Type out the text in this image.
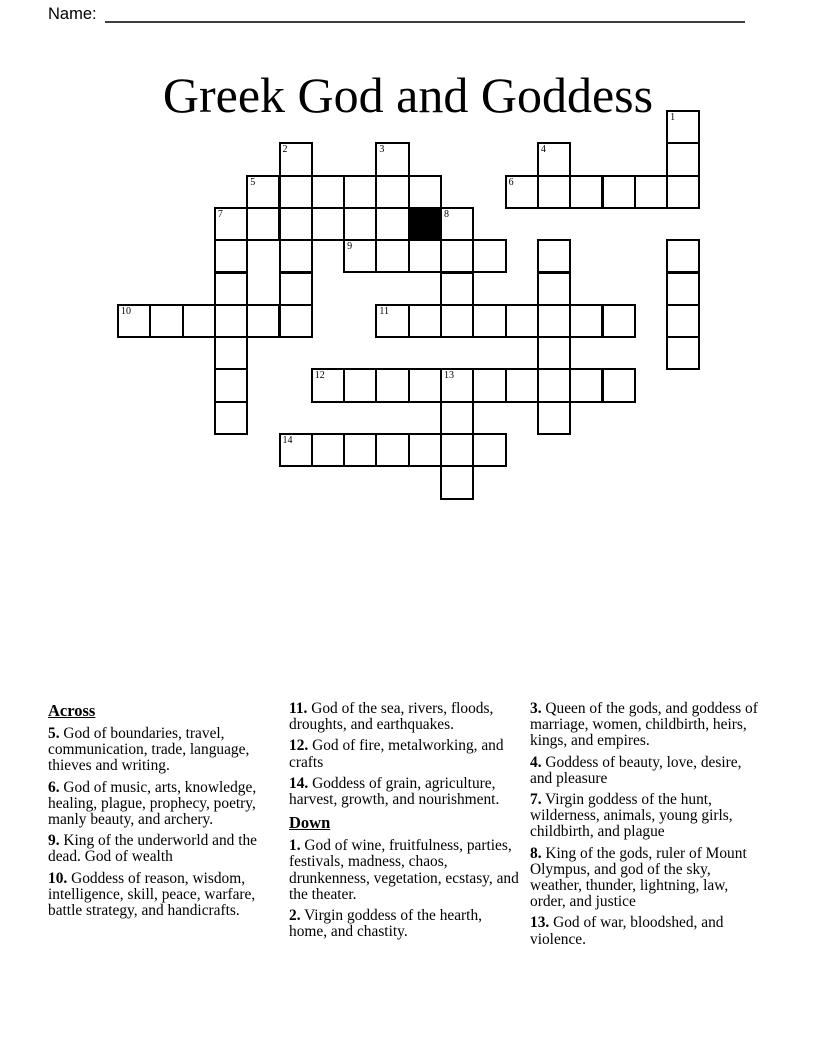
Name:
Greek God and Goddess	1
2	3	4
5	6
7	8
9
10	11
12	13
14
Across

5. God of boundaries, travel, communication, trade, language, thieves and writing.

6. God of music, arts, knowledge, healing, plague, prophecy, poetry, manly beauty, and archery.

9. King of the underworld and the dead. God of wealth

10. Goddess of reason, wisdom, intelligence, skill, peace, warfare, battle strategy, and handicrafts.

11. God of the sea, rivers, floods, droughts, and earthquakes.

12. God of fire, metalworking, and crafts

14. Goddess of grain, agriculture, harvest, growth, and nourishment.

Down

1. God of wine, fruitfulness, parties, festivals, madness, chaos, drunkenness, vegetation, ecstasy, and the theater.

2. Virgin goddess of the hearth, home, and chastity.

3. Queen of the gods, and goddess of marriage, women, childbirth, heirs, kings, and empires.

4. Goddess of beauty, love, desire, and pleasure

7. Virgin goddess of the hunt, wilderness, animals, young girls, childbirth, and plague

8. King of the gods, ruler of Mount Olympus, and god of the sky, weather, thunder, lightning, law, order, and justice

13. God of war, bloodshed, and violence.
